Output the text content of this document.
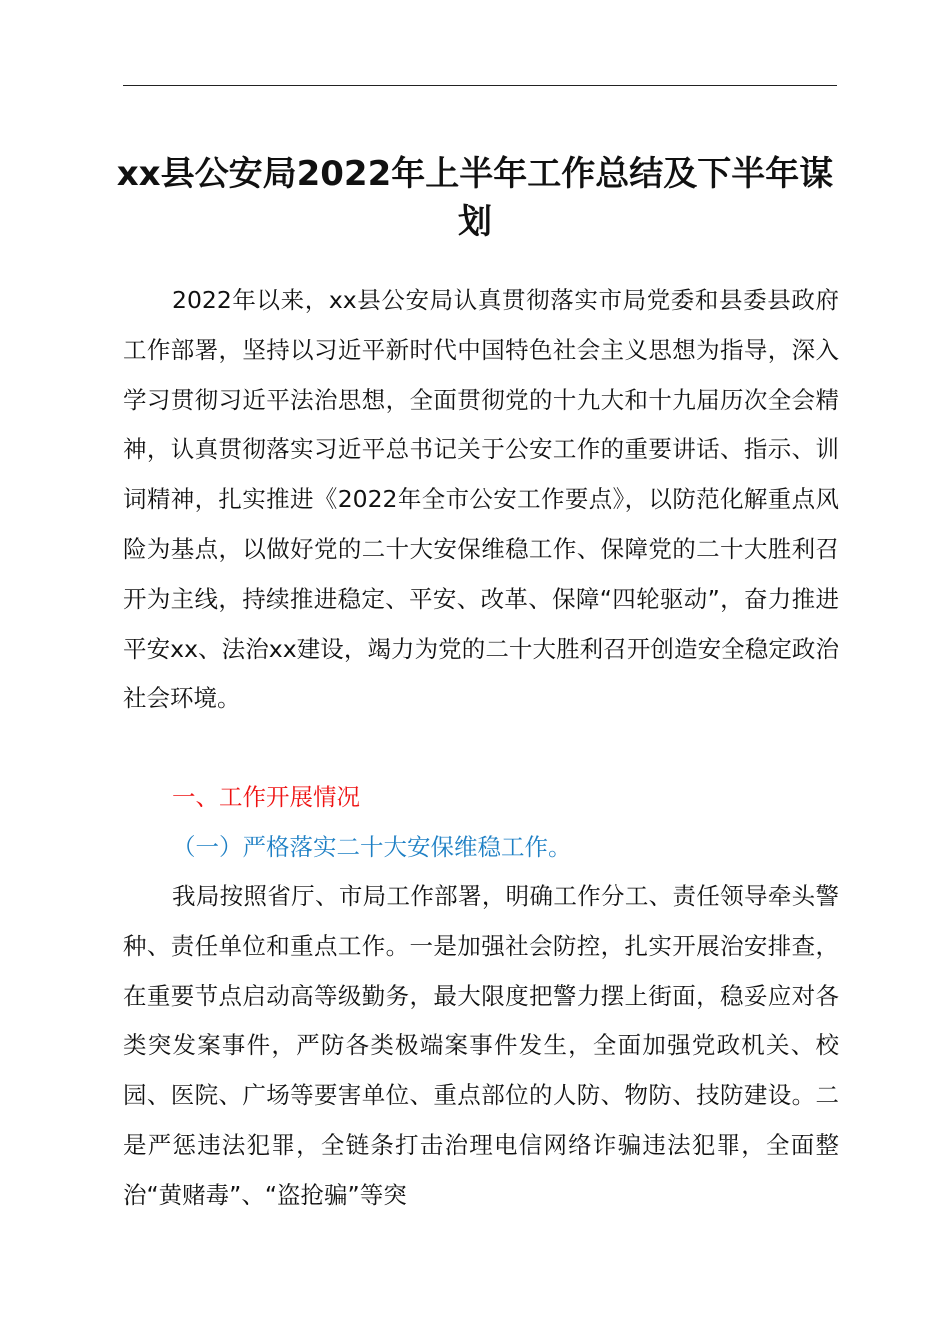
xx县公安局2022年上半年工作总结及下半年谋划

2022年以来，xx县公安局认真贯彻落实市局党委和县委县政府工作部署，坚持以习近平新时代中国特色社会主义思想为指导，深入学习贯彻习近平法治思想，全面贯彻党的十九大和十九届历次全会精神，认真贯彻落实习近平总书记关于公安工作的重要讲话、指示、训词精神，扎实推进《2022年全市公安工作要点》，以防范化解重点风险为基点，以做好党的二十大安保维稳工作、保障党的二十大胜利召开为主线，持续推进稳定、平安、改革、保障“四轮驱动”，奋力推进平安xx、法治xx建设，竭力为党的二十大胜利召开创造安全稳定政治社会环境。

一、工作开展情况
（一）严格落实二十大安保维稳工作。

我局按照省厅、市局工作部署，明确工作分工、责任领导牵头警种、责任单位和重点工作。一是加强社会防控，扎实开展治安排查，在重要节点启动高等级勤务，最大限度把警力摆上街面，稳妥应对各类突发案事件，严防各类极端案事件发生，全面加强党政机关、校园、医院、广场等要害单位、重点部位的人防、物防、技防建设。二是严惩违法犯罪，全链条打击治理电信网络诈骗违法犯罪，全面整治“黄赌毒”、“盗抢骗”等突
